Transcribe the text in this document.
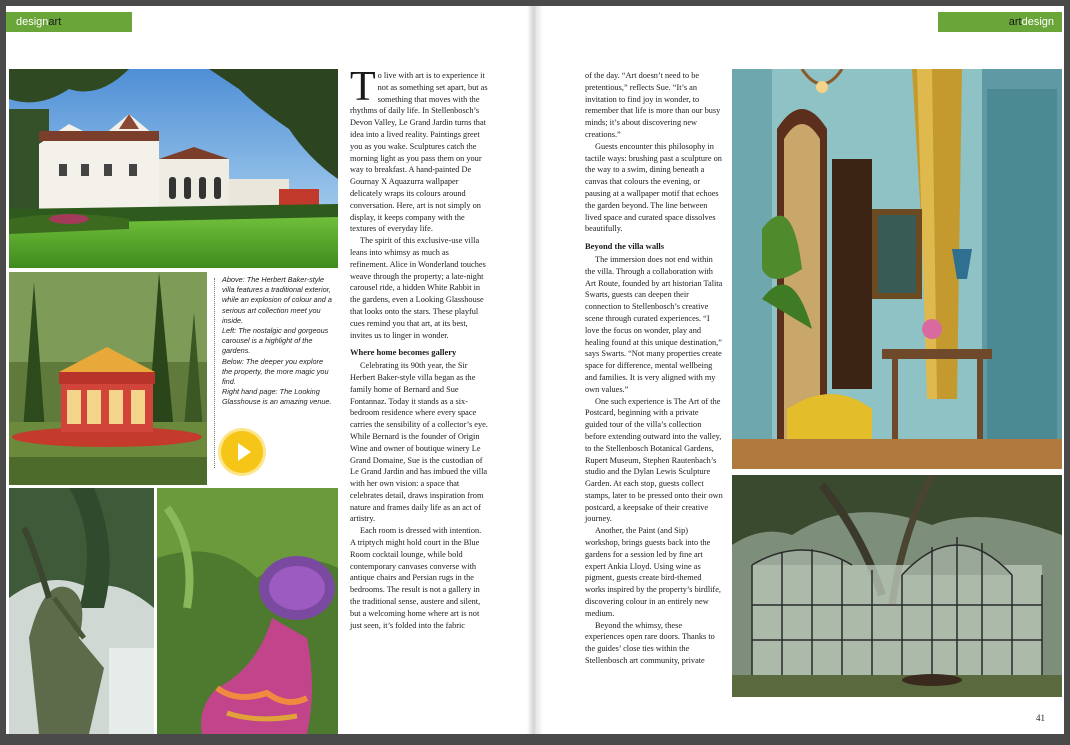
designart	artdesign

Above: The Herbert Baker-style villa features a traditional exterior, while an explosion of colour and a serious art collection meet you inside.

Left: The nostalgic and gorgeous carousel is a highlight of the gardens.

Below: The deeper you explore the property, the more magic you find.

Right hand page: The Looking Glasshouse is an amazing venue.

To live with art is to experience it not as something set apart, but as something that moves with the rhythms of daily life. In Stellenbosch’s Devon Valley, Le Grand Jardin turns that idea into a lived reality. Paintings greet you as you wake. Sculptures catch the morning light as you pass them on your way to breakfast. A hand-painted De Gournay X Aquazurra wallpaper delicately wraps its colours around conversation. Here, art is not simply on display, it keeps company with the textures of everyday life.

The spirit of this exclusive-use villa leans into whimsy as much as refinement. Alice in Wonderland touches weave through the property; a late-night carousel ride, a hidden White Rabbit in the gardens, even a Looking Glasshouse that looks onto the stars. These playful cues remind you that art, at its best, invites us to linger in wonder.

Where home becomes gallery

Celebrating its 90th year, the Sir Herbert Baker-style villa began as the family home of Bernard and Sue Fontannaz. Today it stands as a six-bedroom residence where every space carries the sensibility of a collector’s eye. While Bernard is the founder of Origin Wine and owner of boutique winery Le Grand Domaine, Sue is the custodian of Le Grand Jardin and has imbued the villa with her own vision: a space that celebrates detail, draws inspiration from nature and frames daily life as an act of artistry.

Each room is dressed with intention. A triptych might hold court in the Blue Room cocktail lounge, while bold contemporary canvases converse with antique chairs and Persian rugs in the bedrooms. The result is not a gallery in the traditional sense, austere and silent, but a welcoming home where art is not just seen, it’s folded into the fabric

of the day. “Art doesn’t need to be pretentious,” reflects Sue. “It’s an invitation to find joy in wonder, to remember that life is more than our busy minds; it’s about discovering new creations.”

Guests encounter this philosophy in tactile ways: brushing past a sculpture on the way to a swim, dining beneath a canvas that colours the evening, or pausing at a wallpaper motif that echoes the garden beyond. The line between lived space and curated space dissolves beautifully.

Beyond the villa walls

The immersion does not end within the villa. Through a collaboration with Art Route, founded by art historian Talita Swarts, guests can deepen their connection to Stellenbosch’s creative scene through curated experiences. “I love the focus on wonder, play and healing found at this unique destination,” says Swarts. “Not many properties create space for difference, mental wellbeing and families. It is very aligned with my own values.”

One such experience is The Art of the Postcard, beginning with a private guided tour of the villa’s collection before extending outward into the valley, to the Stellenbosch Botanical Gardens, Rupert Museum, Stephen Rautenbach’s studio and the Dylan Lewis Sculpture Garden. At each stop, guests collect stamps, later to be pressed onto their own postcard, a keepsake of their creative journey.

Another, the Paint (and Sip) workshop, brings guests back into the gardens for a session led by fine art expert Ankia Lloyd. Using wine as pigment, guests create bird-themed works inspired by the property’s birdlife, discovering colour in an entirely new medium.

Beyond the whimsy, these experiences open rare doors. Thanks to the guides’ close ties within the Stellenbosch art community, private

41
